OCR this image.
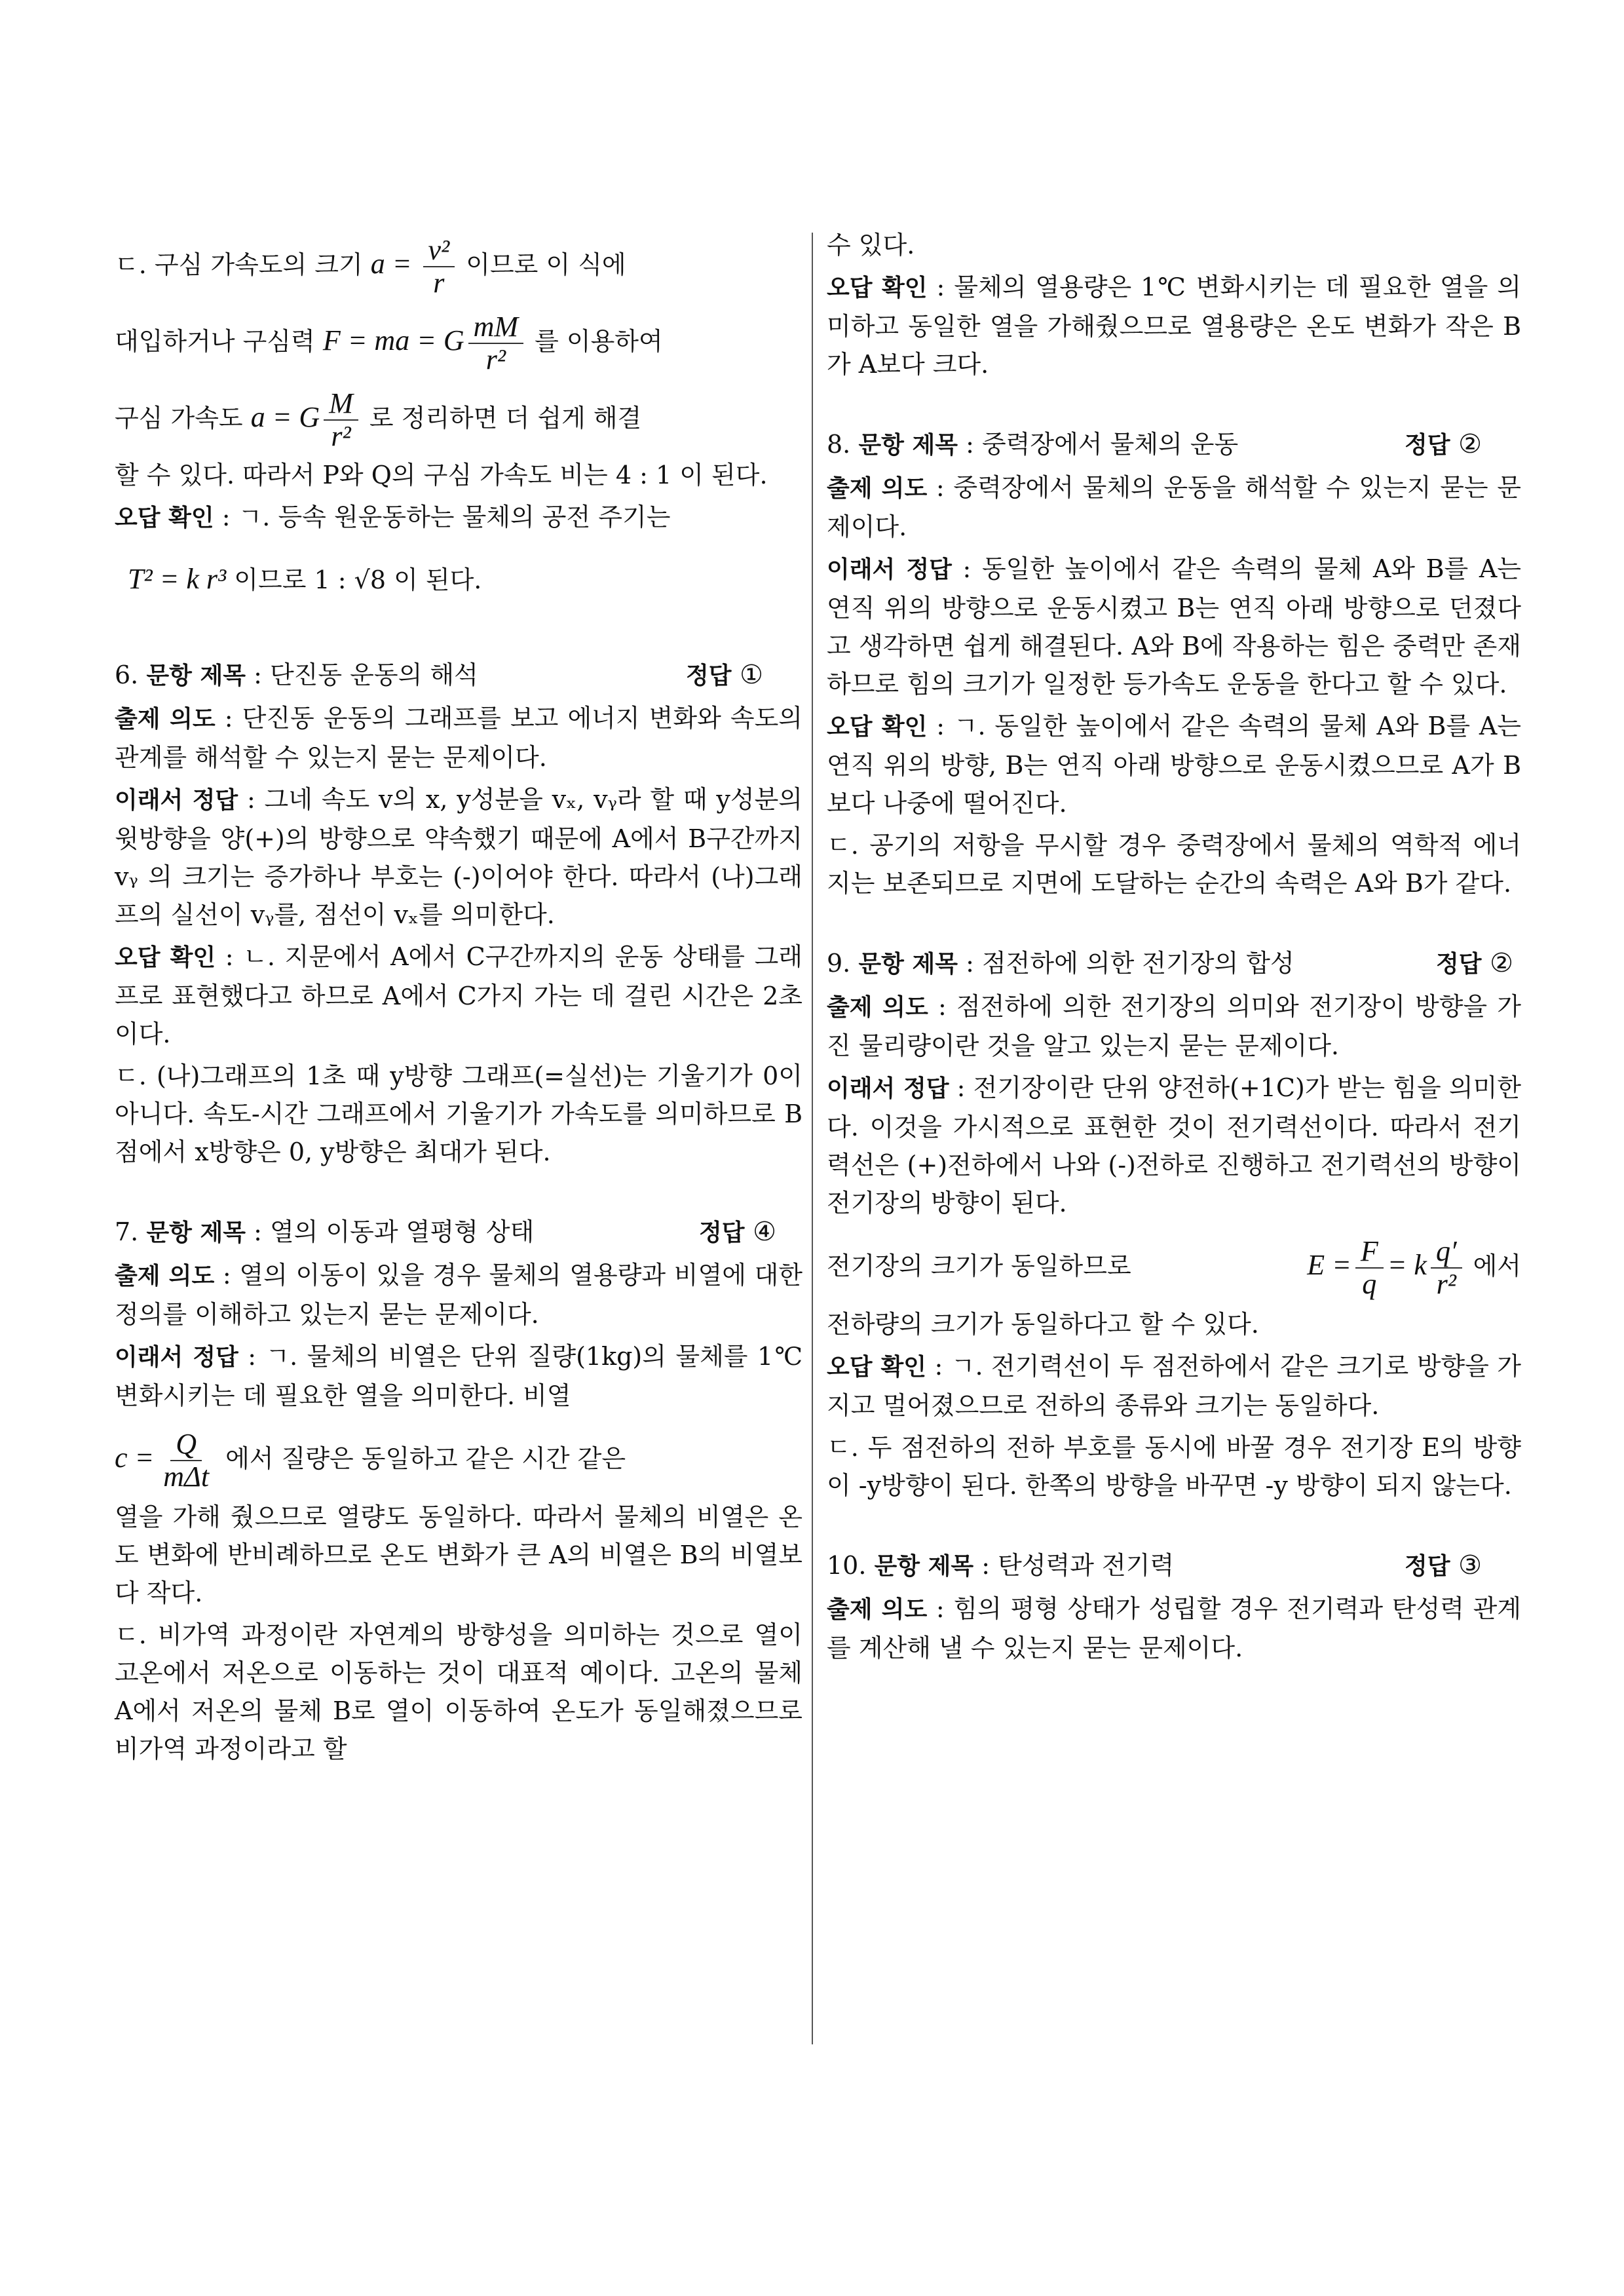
ㄷ. 구심 가속도의 크기 $a = \frac{\text{v²}}{r}$ 이므로 이 식에

대입하거나 구심력 F = ma = G $\frac{mM}{\text{r²}}$ 를 이용하여

구심 가속도 a = G $\frac{M}{\text{r²}}$ 로 정리하면 더 쉽게 해결

할 수 있다. 따라서 P와 Q의 구심 가속도 비는 4 : 1 이 된다.

오답 확인 : ㄱ. 등속 원운동하는 물체의 공전 주기는

T² = k r³ 이므로 1 : √8 이 된다.

6. 문항 제목 : 단진동 운동의 해석	정답 ①

출제 의도 : 단진동 운동의 그래프를 보고 에너지 변화와 속도의 관계를 해석할 수 있는지 묻는 문제이다.

이래서 정답 : 그네 속도 v의 x, y성분을 vₓ, vᵧ라 할 때 y성분의 윗방향을 양(+)의 방향으로 약속했기 때문에 A에서 B구간까지 vᵧ 의 크기는 증가하나 부호는 (-)이어야 한다. 따라서 (나)그래프의 실선이 vᵧ를, 점선이 vₓ를 의미한다.

오답 확인 : ㄴ. 지문에서 A에서 C구간까지의 운동 상태를 그래프로 표현했다고 하므로 A에서 C가지 가는 데 걸린 시간은 2초이다.

ㄷ. (나)그래프의 1초 때 y방향 그래프(=실선)는 기울기가 0이 아니다. 속도-시간 그래프에서 기울기가 가속도를 의미하므로 B점에서 x방향은 0, y방향은 최대가 된다.

7. 문항 제목 : 열의 이동과 열평형 상태	정답 ④

출제 의도 : 열의 이동이 있을 경우 물체의 열용량과 비열에 대한 정의를 이해하고 있는지 묻는 문제이다.

이래서 정답 : ㄱ. 물체의 비열은 단위 질량(1kg)의 물체를 1℃ 변화시키는 데 필요한 열을 의미한다. 비열

$c = \frac{Q}{\text{mΔt}}$ 에서 질량은 동일하고 같은 시간 같은

열을 가해 줬으므로 열량도 동일하다. 따라서 물체의 비열은 온도 변화에 반비례하므로 온도 변화가 큰 A의 비열은 B의 비열보다 작다.

ㄷ. 비가역 과정이란 자연계의 방향성을 의미하는 것으로 열이 고온에서 저온으로 이동하는 것이 대표적 예이다. 고온의 물체 A에서 저온의 물체 B로 열이 이동하여 온도가 동일해졌으므로 비가역 과정이라고 할

수 있다.

오답 확인 : 물체의 열용량은 1℃ 변화시키는 데 필요한 열을 의미하고 동일한 열을 가해줬으므로 열용량은 온도 변화가 작은 B가 A보다 크다.

8. 문항 제목 : 중력장에서 물체의 운동	정답 ②

출제 의도 : 중력장에서 물체의 운동을 해석할 수 있는지 묻는 문제이다.

이래서 정답 : 동일한 높이에서 같은 속력의 물체 A와 B를 A는 연직 위의 방향으로 운동시켰고 B는 연직 아래 방향으로 던졌다고 생각하면 쉽게 해결된다. A와 B에 작용하는 힘은 중력만 존재하므로 힘의 크기가 일정한 등가속도 운동을 한다고 할 수 있다.

오답 확인 : ㄱ. 동일한 높이에서 같은 속력의 물체 A와 B를 A는 연직 위의 방향, B는 연직 아래 방향으로 운동시켰으므로 A가 B보다 나중에 떨어진다.

ㄷ. 공기의 저항을 무시할 경우 중력장에서 물체의 역학적 에너지는 보존되므로 지면에 도달하는 순간의 속력은 A와 B가 같다.

9. 문항 제목 : 점전하에 의한 전기장의 합성	정답 ②

출제 의도 : 점전하에 의한 전기장의 의미와 전기장이 방향을 가진 물리량이란 것을 알고 있는지 묻는 문제이다.

이래서 정답 : 전기장이란 단위 양전하(+1C)가 받는 힘을 의미한다. 이것을 가시적으로 표현한 것이 전기력선이다. 따라서 전기력선은 (+)전하에서 나와 (-)전하로 진행하고 전기력선의 방향이 전기장의 방향이 된다.

전기장의 크기가 동일하므로	$E = \frac{F}{q} = k \frac{q'}{\text{r²}}$ 에서

전하량의 크기가 동일하다고 할 수 있다.

오답 확인 : ㄱ. 전기력선이 두 점전하에서 같은 크기로 방향을 가지고 멀어졌으므로 전하의 종류와 크기는 동일하다.

ㄷ. 두 점전하의 전하 부호를 동시에 바꿀 경우 전기장 E의 방향이 -y방향이 된다. 한쪽의 방향을 바꾸면 -y 방향이 되지 않는다.

10. 문항 제목 : 탄성력과 전기력	정답 ③

출제 의도 : 힘의 평형 상태가 성립할 경우 전기력과 탄성력 관계를 계산해 낼 수 있는지 묻는 문제이다.
